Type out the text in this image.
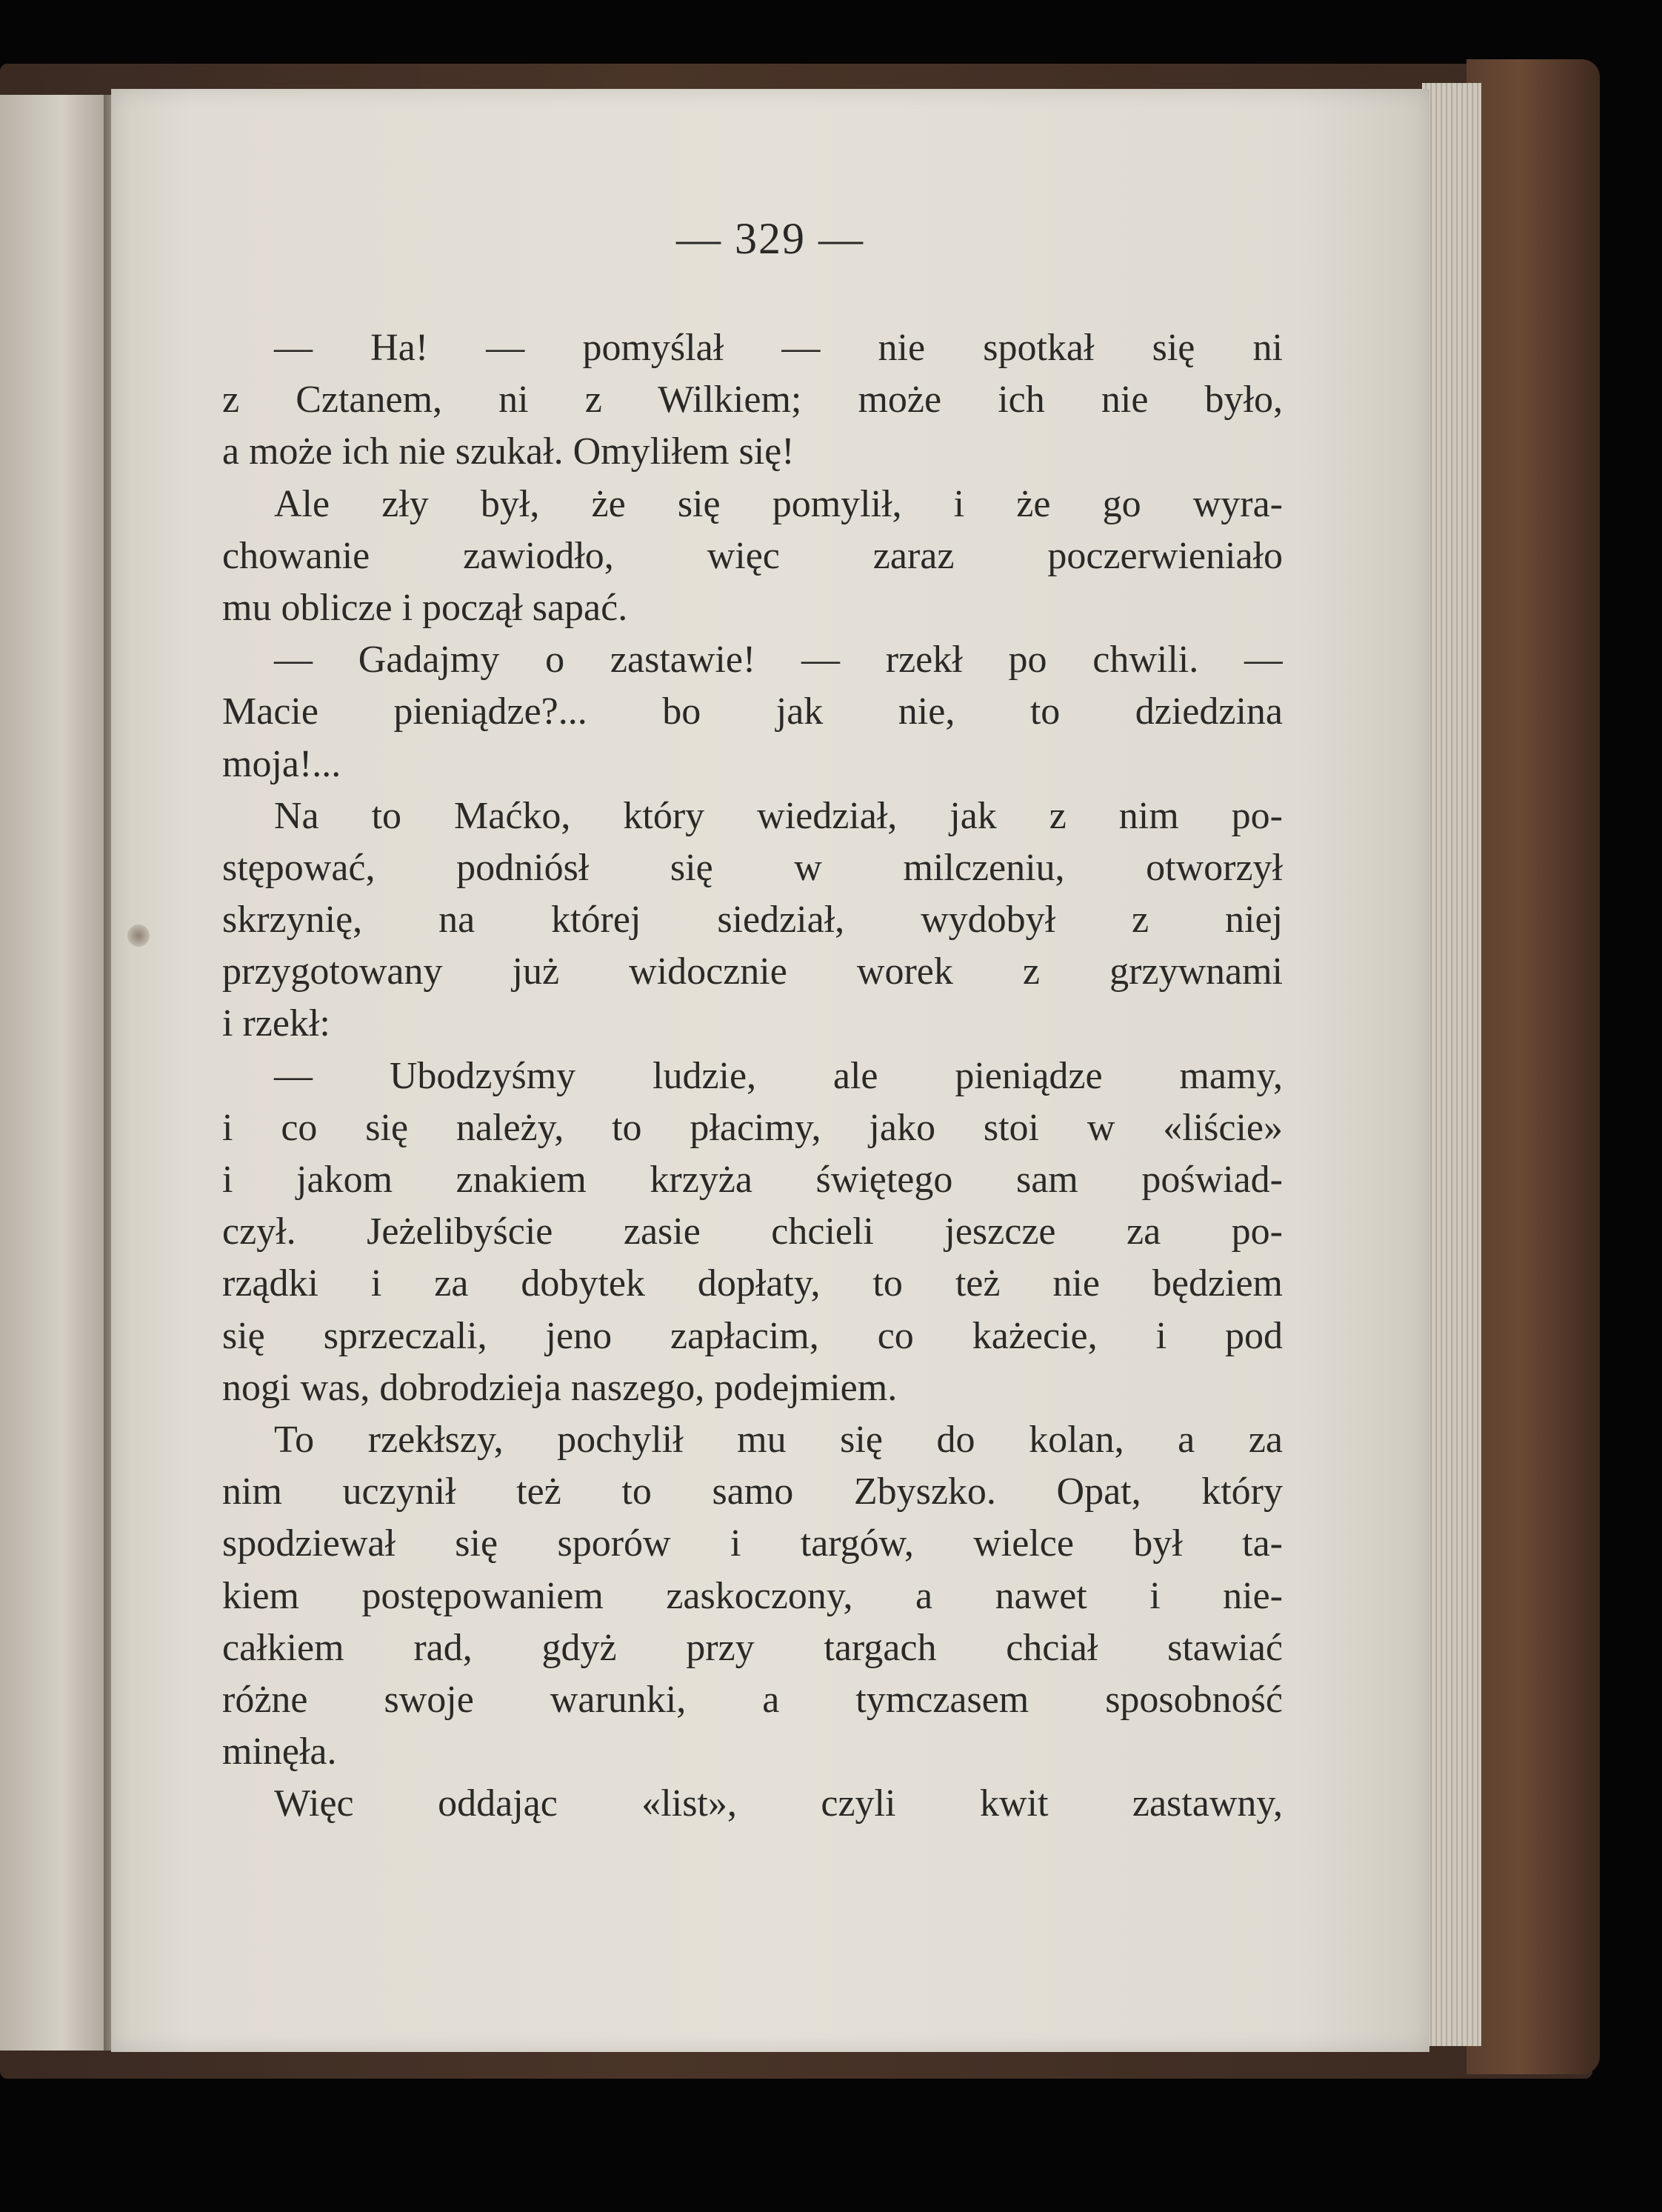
— 329 —

— Ha! — pomyślał — nie spotkał się ni
z Cztanem, ni z Wilkiem; może ich nie było,
a może ich nie szukał. Omyliłem się!
Ale zły był, że się pomylił, i że go wyra-
chowanie zawiodło, więc zaraz poczerwieniało
mu oblicze i począł sapać.
— Gadajmy o zastawie! — rzekł po chwili. —
Macie pieniądze?... bo jak nie, to dziedzina
moja!...
Na to Maćko, który wiedział, jak z nim po-
stępować, podniósł się w milczeniu, otworzył
skrzynię, na której siedział, wydobył z niej
przygotowany już widocznie worek z grzywnami
i rzekł:
— Ubodzyśmy ludzie, ale pieniądze mamy,
i co się należy, to płacimy, jako stoi w «liście»
i jakom znakiem krzyża świętego sam poświad-
czył. Jeżelibyście zasie chcieli jeszcze za po-
rządki i za dobytek dopłaty, to też nie będziem
się sprzeczali, jeno zapłacim, co każecie, i pod
nogi was, dobrodzieja naszego, podejmiem.
To rzekłszy, pochylił mu się do kolan, a za
nim uczynił też to samo Zbyszko. Opat, który
spodziewał się sporów i targów, wielce był ta-
kiem postępowaniem zaskoczony, a nawet i nie-
całkiem rad, gdyż przy targach chciał stawiać
różne swoje warunki, a tymczasem sposobność
minęła.
Więc oddając «list», czyli kwit zastawny,
